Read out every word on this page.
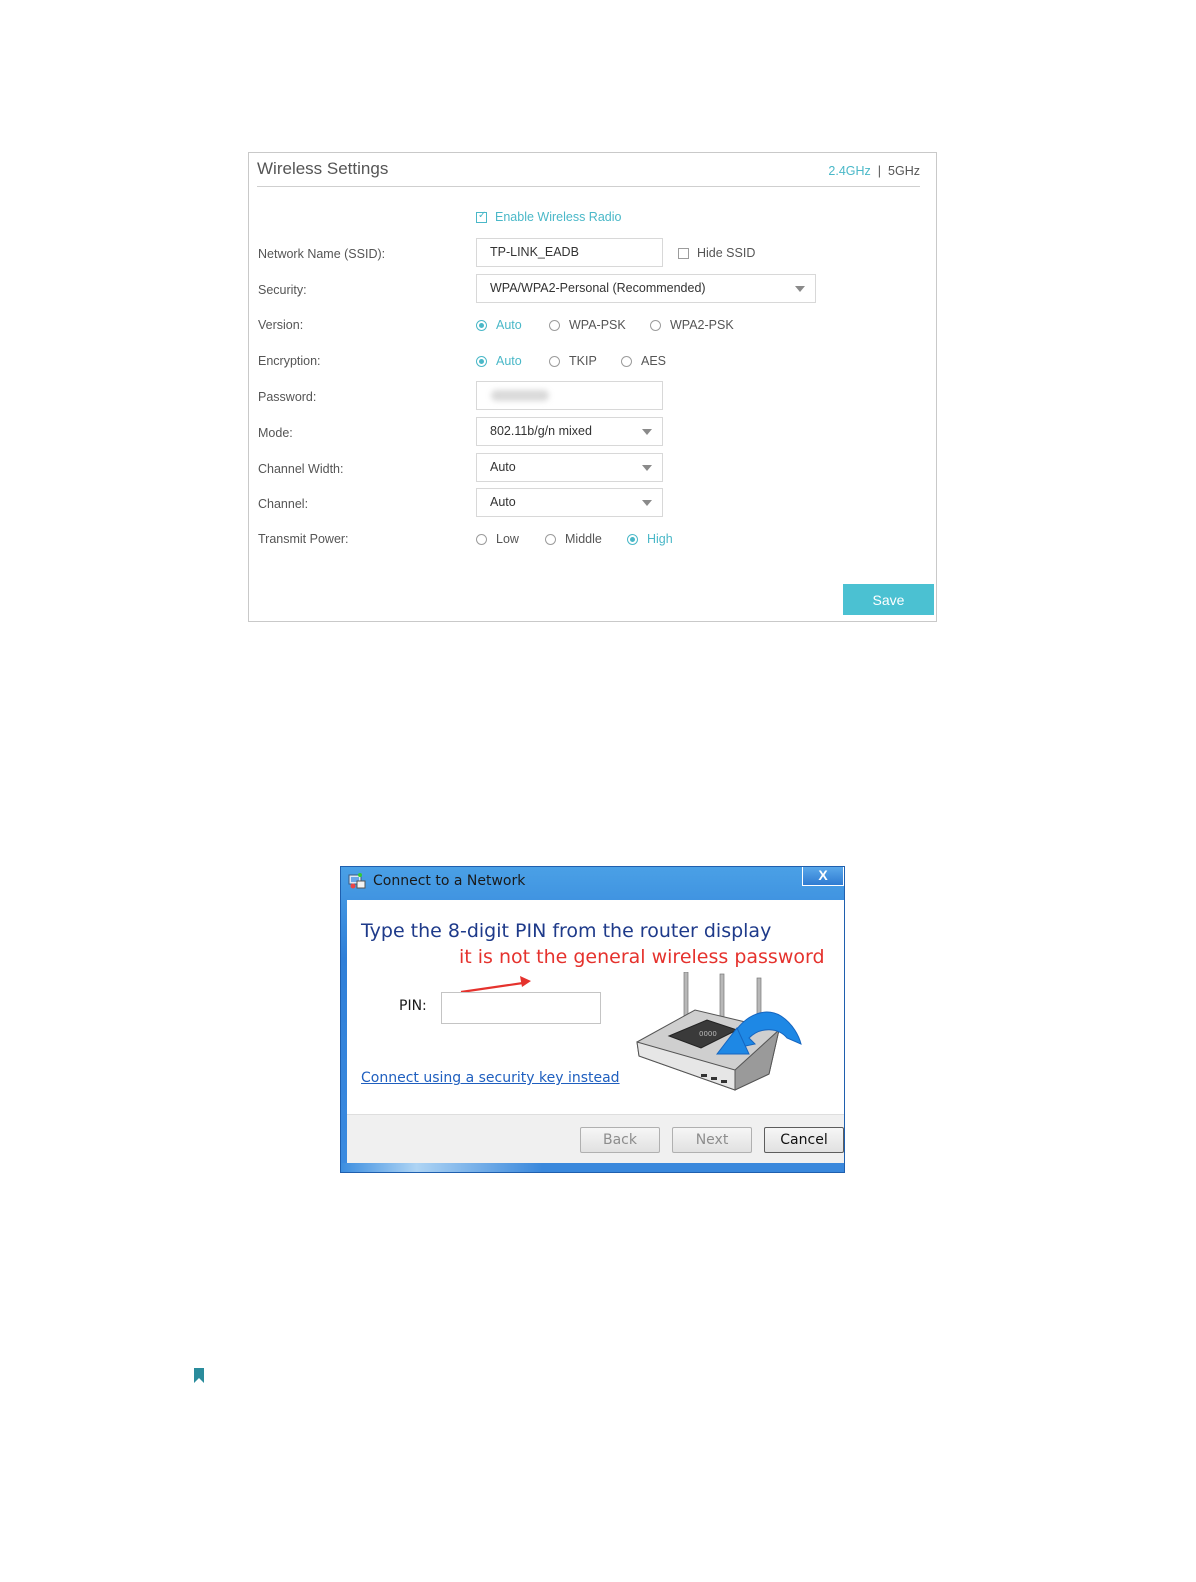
Wireless Settings	2.4GHz | 5GHz
✓ Enable Wireless Radio
Network Name (SSID):	TP-LINK_EADB	Hide SSID
Security:	WPA/WPA2-Personal (Recommended)
Version:	Auto	WPA-PSK	WPA2-PSK
Encryption:	Auto	TKIP	AES
Password:
Mode:	802.11b/g/n mixed
Channel Width:	Auto
Channel:	Auto
Transmit Power:	Low	Middle	High
Save
Connect to a Network	X
Type the 8-digit PIN from the router display
it is not the general wireless password
PIN:
Connect using a security key instead
0000
Back	Next	Cancel
